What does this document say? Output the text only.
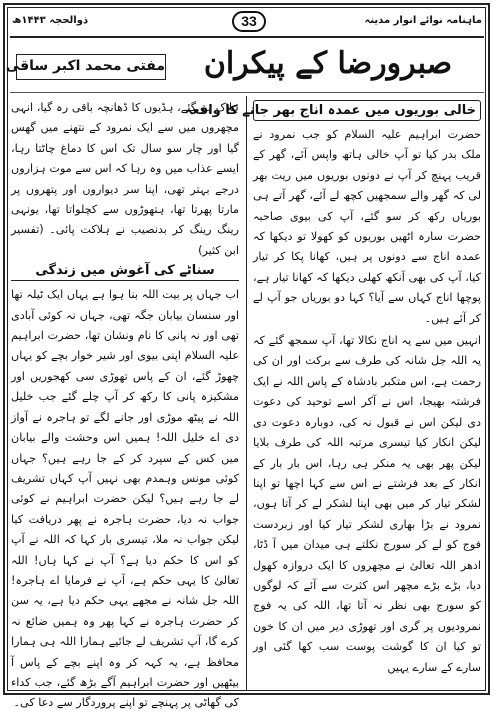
ماہنامہ نوائے انوار مدینہ
33
ذوالحجہ ۱۴۴۳ھ
صبرورضا کے پیکران
مفتی محمد اکبر ساقی
خالی بوریوں میں عمدہ اناج بھر جانے کا واقعہ

حضرت ابراہیم علیہ السلام کو جب نمرود نے ملک بدر کیا تو آپ خالی ہاتھ واپس آئے، گھر کے قریب پہنچ کر آپ نے دونوں بوریوں میں ریت بھر لی کہ گھر والے سمجھیں کچھ لے آئے، گھر آتے ہی بوریاں رکھ کر سو گئے، آپ کی بیوی صاحبہ حضرت سارہ اٹھیں بوریوں کو کھولا تو دیکھا کہ عمدہ اناج سے دونوں پر ہیں، کھانا پکا کر تیار کیا، آپ کی بھی آنکھ کھلی دیکھا کہ کھانا تیار ہے، پوچھا اناج کہاں سے آیا؟ کہا دو بوریاں جو آپ لے کر آئے ہیں۔

انہیں میں سے یہ اناج نکالا تھا، آپ سمجھ گئے کہ یہ اللہ جل شانہ کی طرف سے برکت اور ان کی رحمت ہے، اس متکبر بادشاہ کے پاس اللہ نے ایک فرشتہ بھیجا، اس نے آکر اسے توحید کی دعوت دی لیکن اس نے قبول نہ کی، دوبارہ دعوت دی لیکن انکار کیا تیسری مرتبہ اللہ کی طرف بلایا لیکن پھر بھی یہ منکر ہی رہا، اس بار بار کے انکار کے بعد فرشتے نے اس سے کہا اچھا تو اپنا لشکر تیار کر میں بھی اپنا لشکر لے کر آتا ہوں، نمرود نے بڑا بھاری لشکر تیار کیا اور زبردست فوج کو لے کر سورج نکلتے ہی میدان میں آ ڈٹا، ادھر اللہ تعالیٰ نے مچھروں کا ایک دروازہ کھول دیا، بڑے بڑے مچھر اس کثرت سے آئے کہ لوگوں کو سورج بھی نظر نہ آتا تھا، اللہ کی یہ فوج نمرودیوں پر گری اور تھوڑی دیر میں ان کا خون تو کیا ان کا گوشت پوست سب کھا گئی اور سارے کے سارے یہیں

ہلاک ہو گئے، ہڈیوں کا ڈھانچہ باقی رہ گیا، انہی مچھروں میں سے ایک نمرود کے نتھنے میں گھس گیا اور چار سو سال تک اس کا دماغ چاٹتا رہا، ایسے عذاب میں وہ رہا کہ اس سے موت ہزاروں درجے بہتر تھی، اپنا سر دیواروں اور پتھروں پر مارتا پھرتا تھا، ہتھوڑوں سے کچلواتا تھا، یونہی رینگ رینگ کر بدنصیب نے ہلاکت پائی۔ (تفسیر ابن کثیر)

سناٹے کی آغوش میں زندگی

اب جہاں پر بیت اللہ بنا ہوا ہے یہاں ایک ٹیلہ تھا اور سنسان بیابان جگہ تھی، جہاں نہ کوئی آبادی تھی اور نہ پانی کا نام ونشان تھا، حضرت ابراہیم علیہ السلام اپنی بیوی اور شیر خوار بچے کو یہاں چھوڑ گئے، ان کے پاس تھوڑی سی کھجوریں اور مشکیزہ پانی کا رکھ کر آپ چلے گئے جب خلیل اللہ نے پیٹھ موڑی اور جانے لگے تو ہاجرہ نے آواز دی اے خلیل اللہ! ہمیں اس وحشت والے بیابان میں کس کے سپرد کر کے جا رہے ہیں؟ جہاں کوئی مونس وہمدم بھی نہیں آپ کہاں تشریف لے جا رہے ہیں؟ لیکن حضرت ابراہیم نے کوئی جواب نہ دیا، حضرت ہاجرہ نے پھر دریافت کیا لیکن جواب نہ ملا، تیسری بار کہا کہ اللہ نے آپ کو اس کا حکم دیا ہے؟ آپ نے کہا ہاں! اللہ تعالیٰ کا یہی حکم ہے، آپ نے فرمایا اے ہاجرہ! اللہ جل شانہ نے مجھے یہی حکم دیا ہے، یہ سن کر حضرت ہاجرہ نے کہا پھر وہ ہمیں ضائع نہ کرے گا، آپ تشریف لے جائیے ہمارا اللہ ہی ہمارا محافظ ہے، یہ کہہ کر وہ اپنے بچے کے پاس آ بیٹھیں اور حضرت ابراہیم آگے بڑھ گئے، جب کداء کی گھاٹی پر پہنچے تو اپنے پروردگار سے دعا کی۔
